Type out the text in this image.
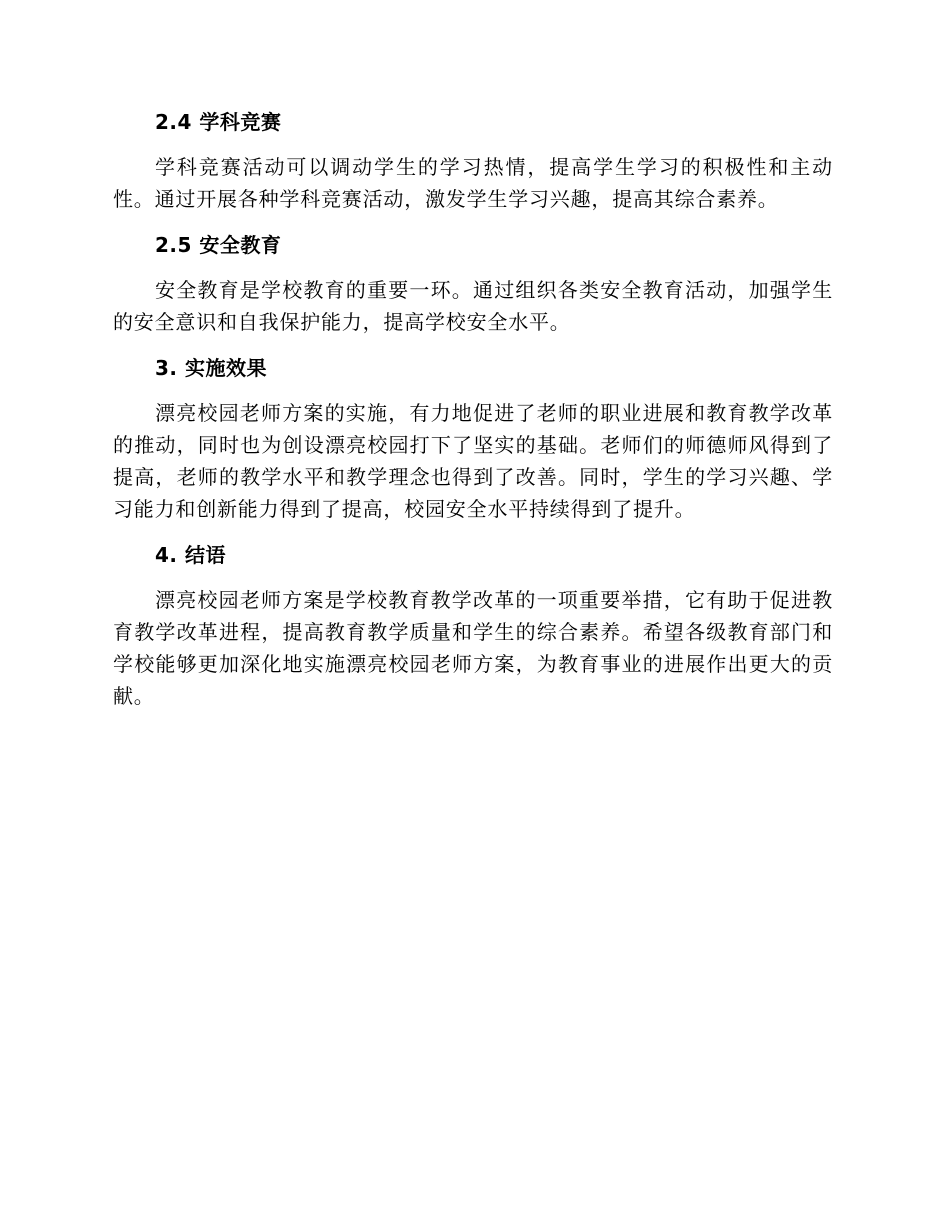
2.4 学科竞赛

学科竞赛活动可以调动学生的学习热情，提高学生学习的积极性和主动性。通过开展各种学科竞赛活动，激发学生学习兴趣，提高其综合素养。

2.5 安全教育

安全教育是学校教育的重要一环。通过组织各类安全教育活动，加强学生的安全意识和自我保护能力，提高学校安全水平。

3. 实施效果

漂亮校园老师方案的实施，有力地促进了老师的职业进展和教育教学改革的推动，同时也为创设漂亮校园打下了坚实的基础。老师们的师德师风得到了提高，老师的教学水平和教学理念也得到了改善。同时，学生的学习兴趣、学习能力和创新能力得到了提高，校园安全水平持续得到了提升。

4. 结语

漂亮校园老师方案是学校教育教学改革的一项重要举措，它有助于促进教育教学改革进程，提高教育教学质量和学生的综合素养。希望各级教育部门和学校能够更加深化地实施漂亮校园老师方案，为教育事业的进展作出更大的贡献。
